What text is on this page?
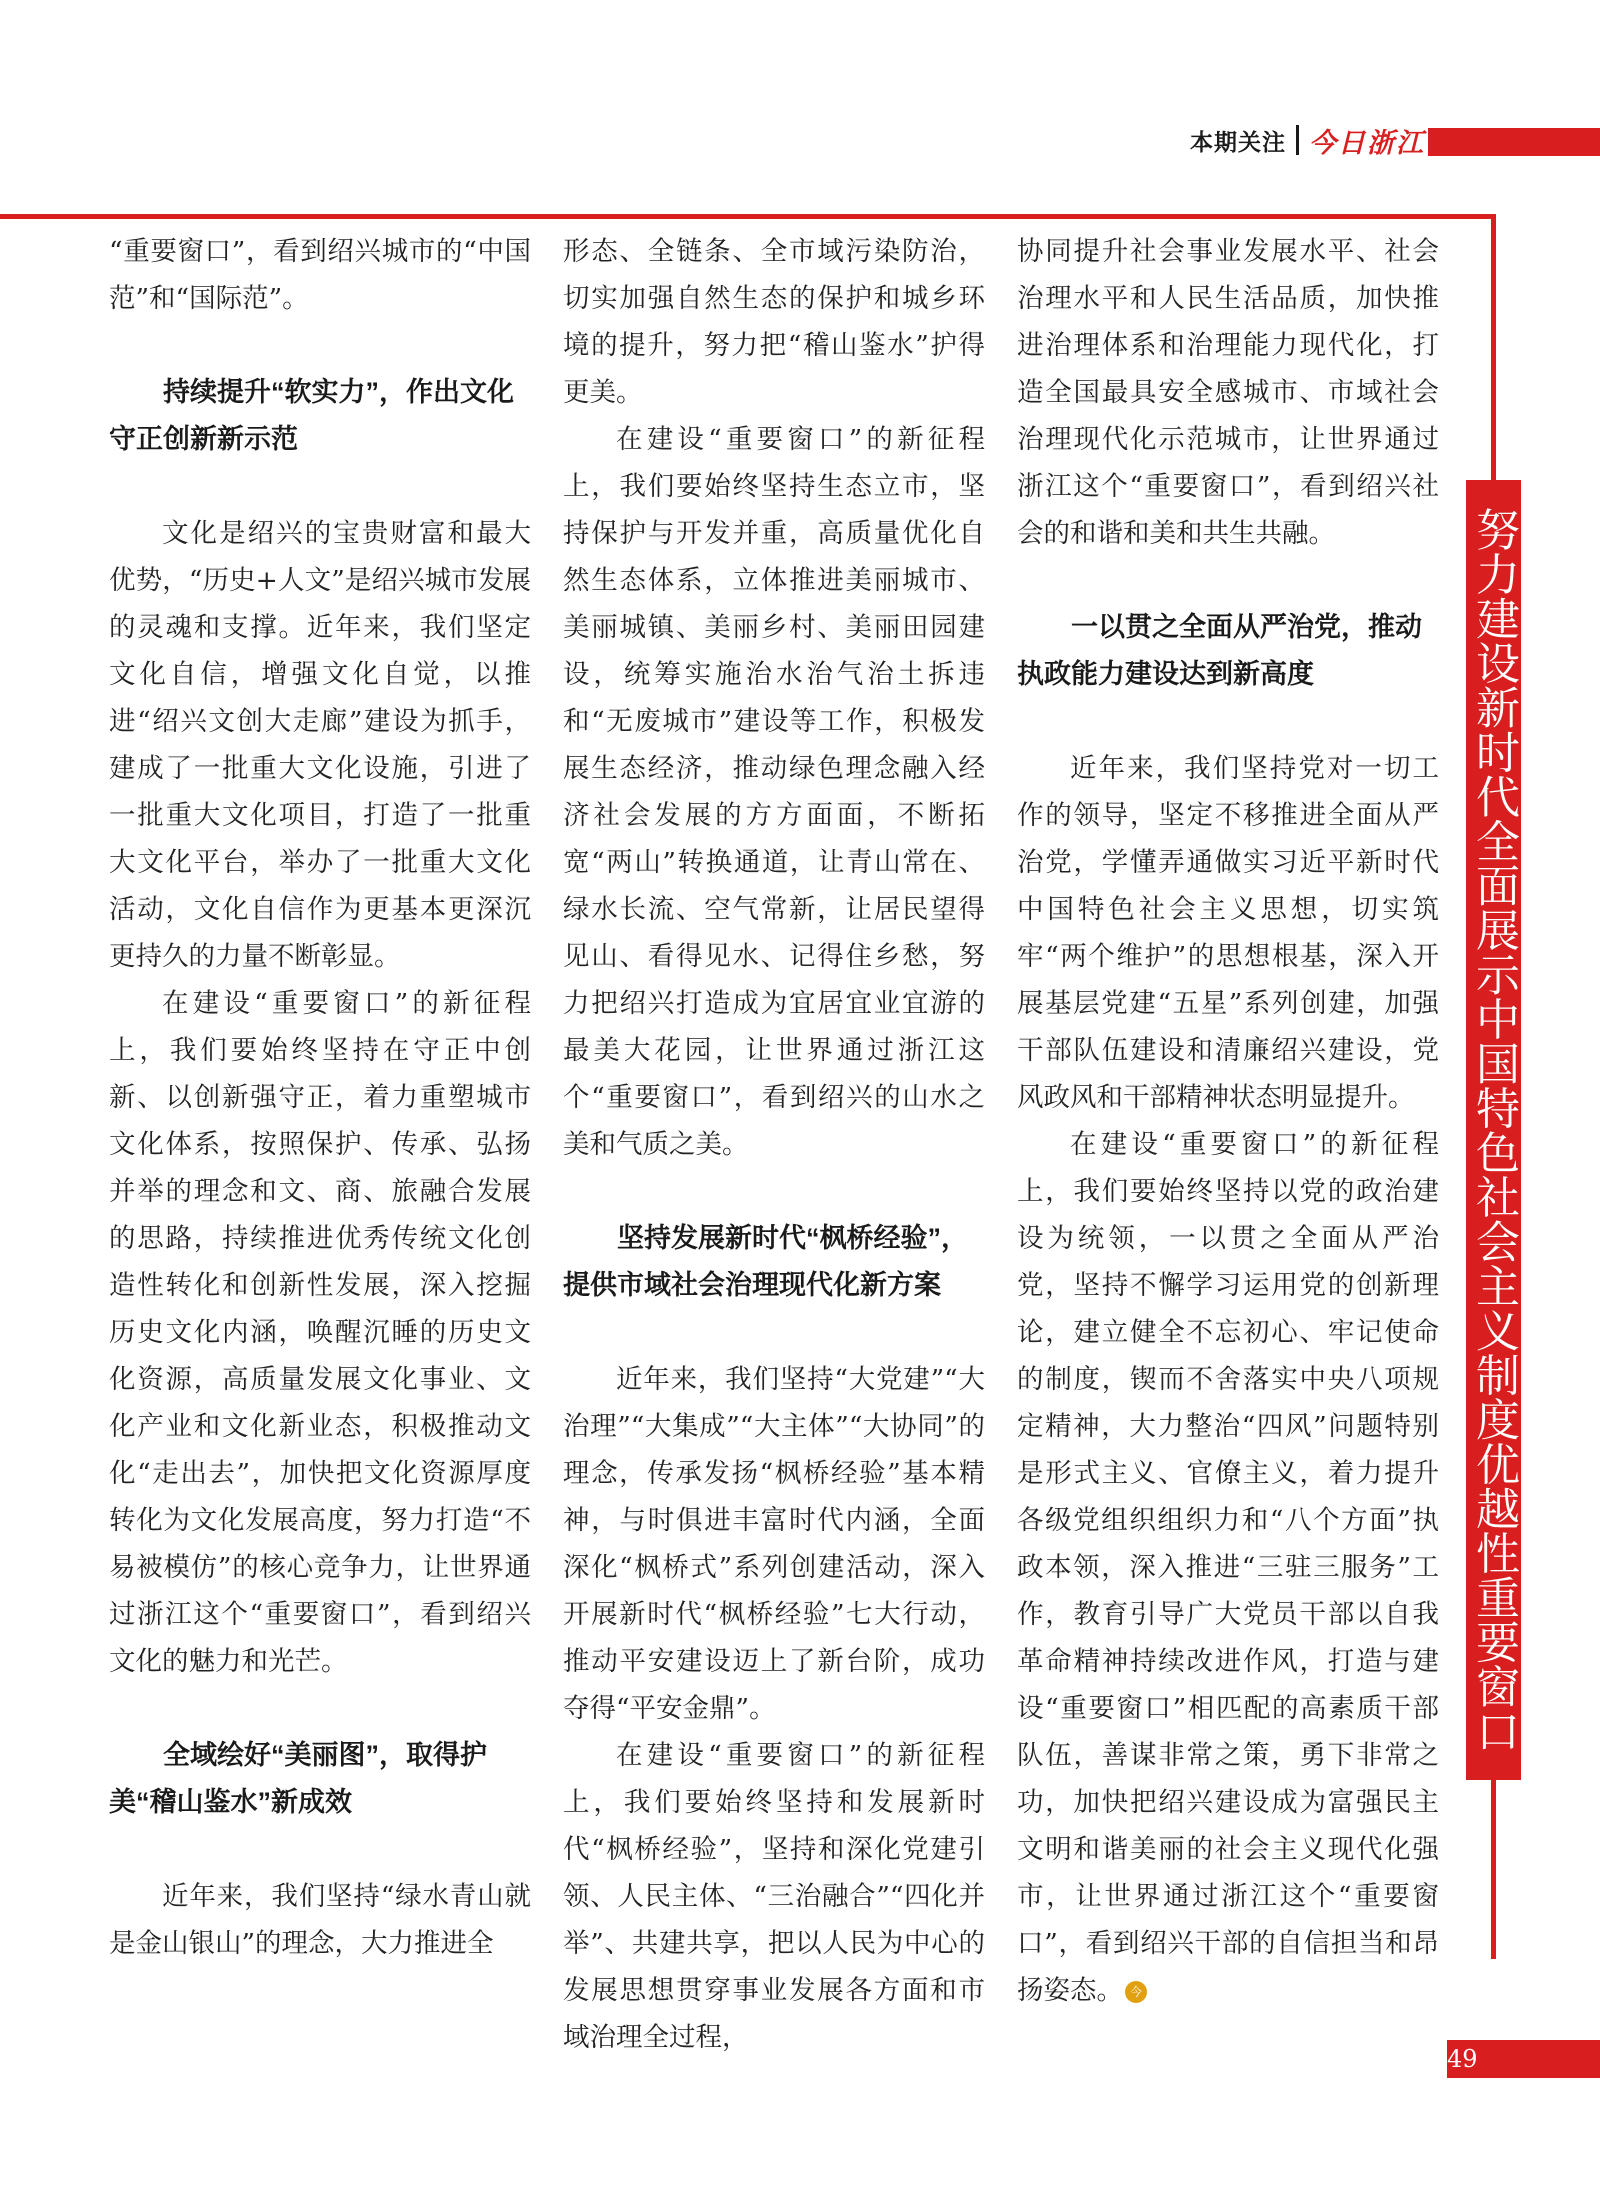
本期关注 今日浙江

“重要窗口”，看到绍兴城市的“中国范”和“国际范”。

持续提升“软实力”，作出文化守正创新新示范

文化是绍兴的宝贵财富和最大优势，“历史+人文”是绍兴城市发展的灵魂和支撑。近年来，我们坚定文化自信，增强文化自觉，以推进“绍兴文创大走廊”建设为抓手，建成了一批重大文化设施，引进了一批重大文化项目，打造了一批重大文化平台，举办了一批重大文化活动，文化自信作为更基本更深沉更持久的力量不断彰显。

在建设“重要窗口”的新征程上，我们要始终坚持在守正中创新、以创新强守正，着力重塑城市文化体系，按照保护、传承、弘扬并举的理念和文、商、旅融合发展的思路，持续推进优秀传统文化创造性转化和创新性发展，深入挖掘历史文化内涵，唤醒沉睡的历史文化资源，高质量发展文化事业、文化产业和文化新业态，积极推动文化“走出去”，加快把文化资源厚度转化为文化发展高度，努力打造“不易被模仿”的核心竞争力，让世界通过浙江这个“重要窗口”，看到绍兴文化的魅力和光芒。

全域绘好“美丽图”，取得护美“稽山鉴水”新成效

近年来，我们坚持“绿水青山就是金山银山”的理念，大力推进全

形态、全链条、全市域污染防治，切实加强自然生态的保护和城乡环境的提升，努力把“稽山鉴水”护得更美。

在建设“重要窗口”的新征程上，我们要始终坚持生态立市，坚持保护与开发并重，高质量优化自然生态体系，立体推进美丽城市、美丽城镇、美丽乡村、美丽田园建设，统筹实施治水治气治土拆违和“无废城市”建设等工作，积极发展生态经济，推动绿色理念融入经济社会发展的方方面面，不断拓宽“两山”转换通道，让青山常在、绿水长流、空气常新，让居民望得见山、看得见水、记得住乡愁，努力把绍兴打造成为宜居宜业宜游的最美大花园，让世界通过浙江这个“重要窗口”，看到绍兴的山水之美和气质之美。

坚持发展新时代“枫桥经验”，提供市域社会治理现代化新方案

近年来，我们坚持“大党建”“大治理”“大集成”“大主体”“大协同”的理念，传承发扬“枫桥经验”基本精神，与时俱进丰富时代内涵，全面深化“枫桥式”系列创建活动，深入开展新时代“枫桥经验”七大行动，推动平安建设迈上了新台阶，成功夺得“平安金鼎”。

在建设“重要窗口”的新征程上，我们要始终坚持和发展新时代“枫桥经验”，坚持和深化党建引领、人民主体、“三治融合”“四化并举”、共建共享，把以人民为中心的发展思想贯穿事业发展各方面和市域治理全过程，

协同提升社会事业发展水平、社会治理水平和人民生活品质，加快推进治理体系和治理能力现代化，打造全国最具安全感城市、市域社会治理现代化示范城市，让世界通过浙江这个“重要窗口”，看到绍兴社会的和谐和美和共生共融。

一以贯之全面从严治党，推动执政能力建设达到新高度

近年来，我们坚持党对一切工作的领导，坚定不移推进全面从严治党，学懂弄通做实习近平新时代中国特色社会主义思想，切实筑牢“两个维护”的思想根基，深入开展基层党建“五星”系列创建，加强干部队伍建设和清廉绍兴建设，党风政风和干部精神状态明显提升。

在建设“重要窗口”的新征程上，我们要始终坚持以党的政治建设为统领，一以贯之全面从严治党，坚持不懈学习运用党的创新理论，建立健全不忘初心、牢记使命的制度，锲而不舍落实中央八项规定精神，大力整治“四风”问题特别是形式主义、官僚主义，着力提升各级党组织组织力和“八个方面”执政本领，深入推进“三驻三服务”工作，教育引导广大党员干部以自我革命精神持续改进作风，打造与建设“重要窗口”相匹配的高素质干部队伍，善谋非常之策，勇下非常之功，加快把绍兴建设成为富强民主文明和谐美丽的社会主义现代化强市，让世界通过浙江这个“重要窗口”，看到绍兴干部的自信担当和昂扬姿态。 今

努力建设新时代全面展示中国特色社会主义制度优越性重要窗口
49
